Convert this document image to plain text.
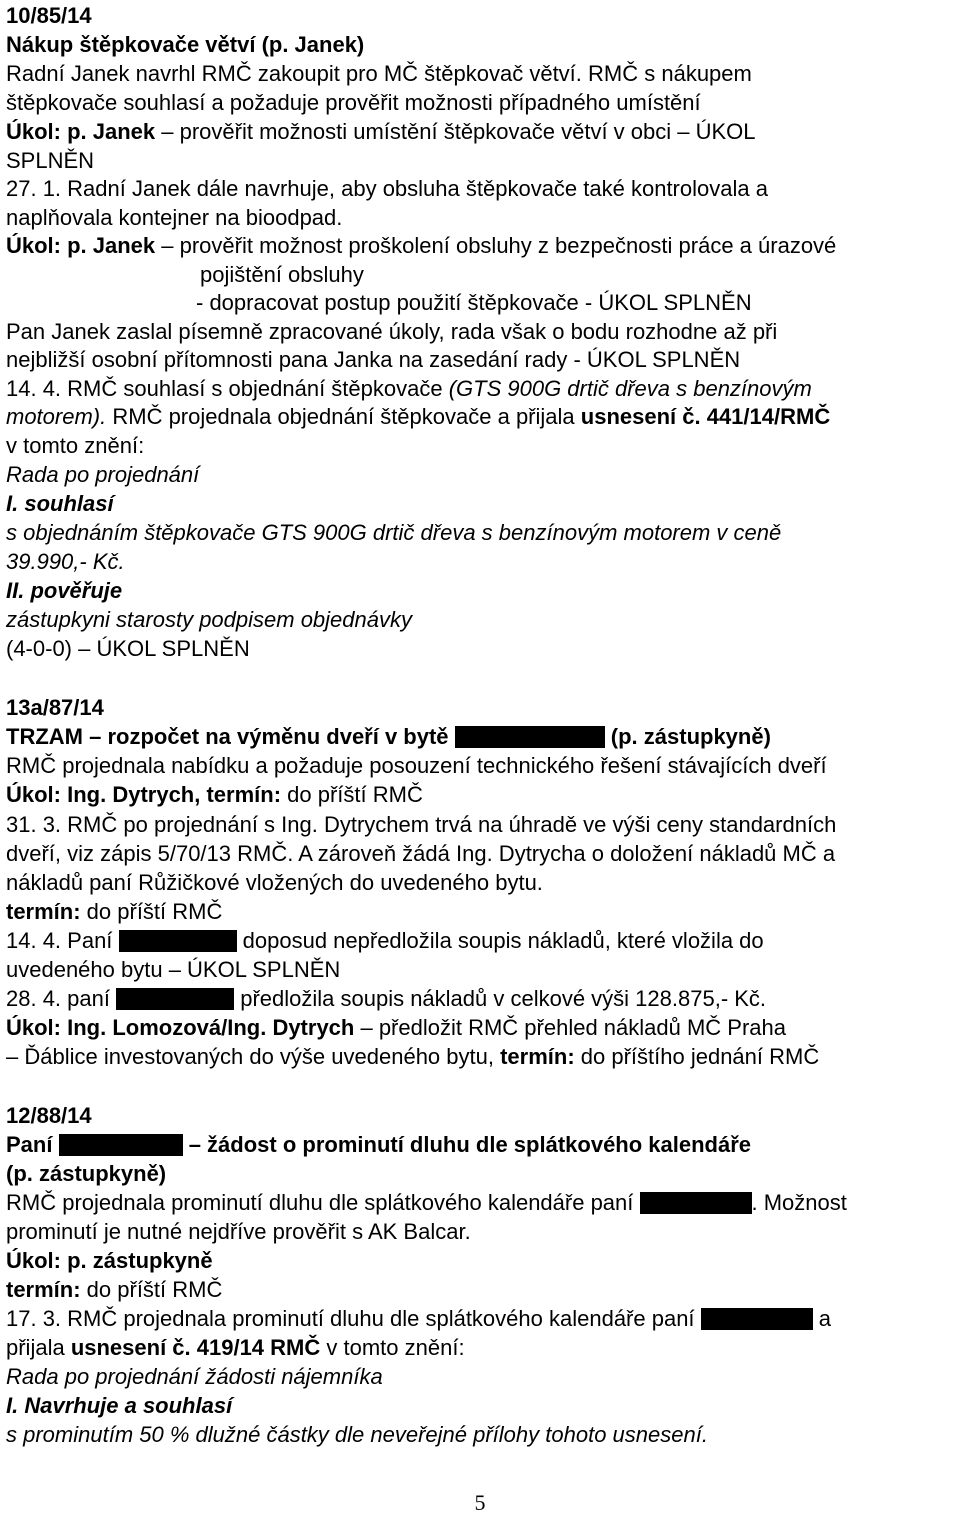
10/85/14
Nákup štěpkovače větví (p. Janek)
Radní Janek navrhl RMČ zakoupit pro MČ štěpkovač větví. RMČ s nákupem
štěpkovače souhlasí a požaduje prověřit možnosti případného umístění
Úkol: p. Janek – prověřit možnosti umístění štěpkovače větví v obci – ÚKOL
SPLNĚN
27. 1. Radní Janek dále navrhuje, aby obsluha štěpkovače také kontrolovala a
naplňovala kontejner na bioodpad.
Úkol: p. Janek – prověřit možnost proškolení obsluhy z bezpečnosti práce a úrazové
pojištění obsluhy
- dopracovat postup použití štěpkovače - ÚKOL SPLNĚN
Pan Janek zaslal písemně zpracované úkoly, rada však o bodu rozhodne až při
nejbližší osobní přítomnosti pana Janka na zasedání rady - ÚKOL SPLNĚN
14. 4. RMČ souhlasí s objednání štěpkovače (GTS 900G drtič dřeva s benzínovým
motorem). RMČ projednala objednání štěpkovače a přijala usnesení č. 441/14/RMČ
v tomto znění:
Rada po projednání
I. souhlasí
s objednáním štěpkovače GTS 900G drtič dřeva s benzínovým motorem v ceně
39.990,- Kč.
II. pověřuje
zástupkyni starosty podpisem objednávky
(4-0-0) – ÚKOL SPLNĚN
13a/87/14
TRZAM – rozpočet na výměnu dveří v bytě	(p. zástupkyně)
RMČ projednala nabídku a požaduje posouzení technického řešení stávajících dveří
Úkol: Ing. Dytrych, termín: do příští RMČ
31. 3. RMČ po projednání s Ing. Dytrychem trvá na úhradě ve výši ceny standardních
dveří, viz zápis 5/70/13 RMČ. A zároveň žádá Ing. Dytrycha o doložení nákladů MČ a
nákladů paní Růžičkové vložených do uvedeného bytu.
termín: do příští RMČ
14. 4. Paní	doposud nepředložila soupis nákladů, které vložila do
uvedeného bytu – ÚKOL SPLNĚN
28. 4. paní	předložila soupis nákladů v celkové výši 128.875,- Kč.
Úkol: Ing. Lomozová/Ing. Dytrych – předložit RMČ přehled nákladů MČ Praha
– Ďáblice investovaných do výše uvedeného bytu, termín: do příštího jednání RMČ
12/88/14
Paní	– žádost o prominutí dluhu dle splátkového kalendáře
(p. zástupkyně)
RMČ projednala prominutí dluhu dle splátkového kalendáře paní	. Možnost
prominutí je nutné nejdříve prověřit s AK Balcar.
Úkol: p. zástupkyně
termín: do příští RMČ
17. 3. RMČ projednala prominutí dluhu dle splátkového kalendáře paní	a
přijala usnesení č. 419/14 RMČ v tomto znění:
Rada po projednání žádosti nájemníka
I. Navrhuje a souhlasí
s prominutím 50 % dlužné částky dle neveřejné přílohy tohoto usnesení.
5
